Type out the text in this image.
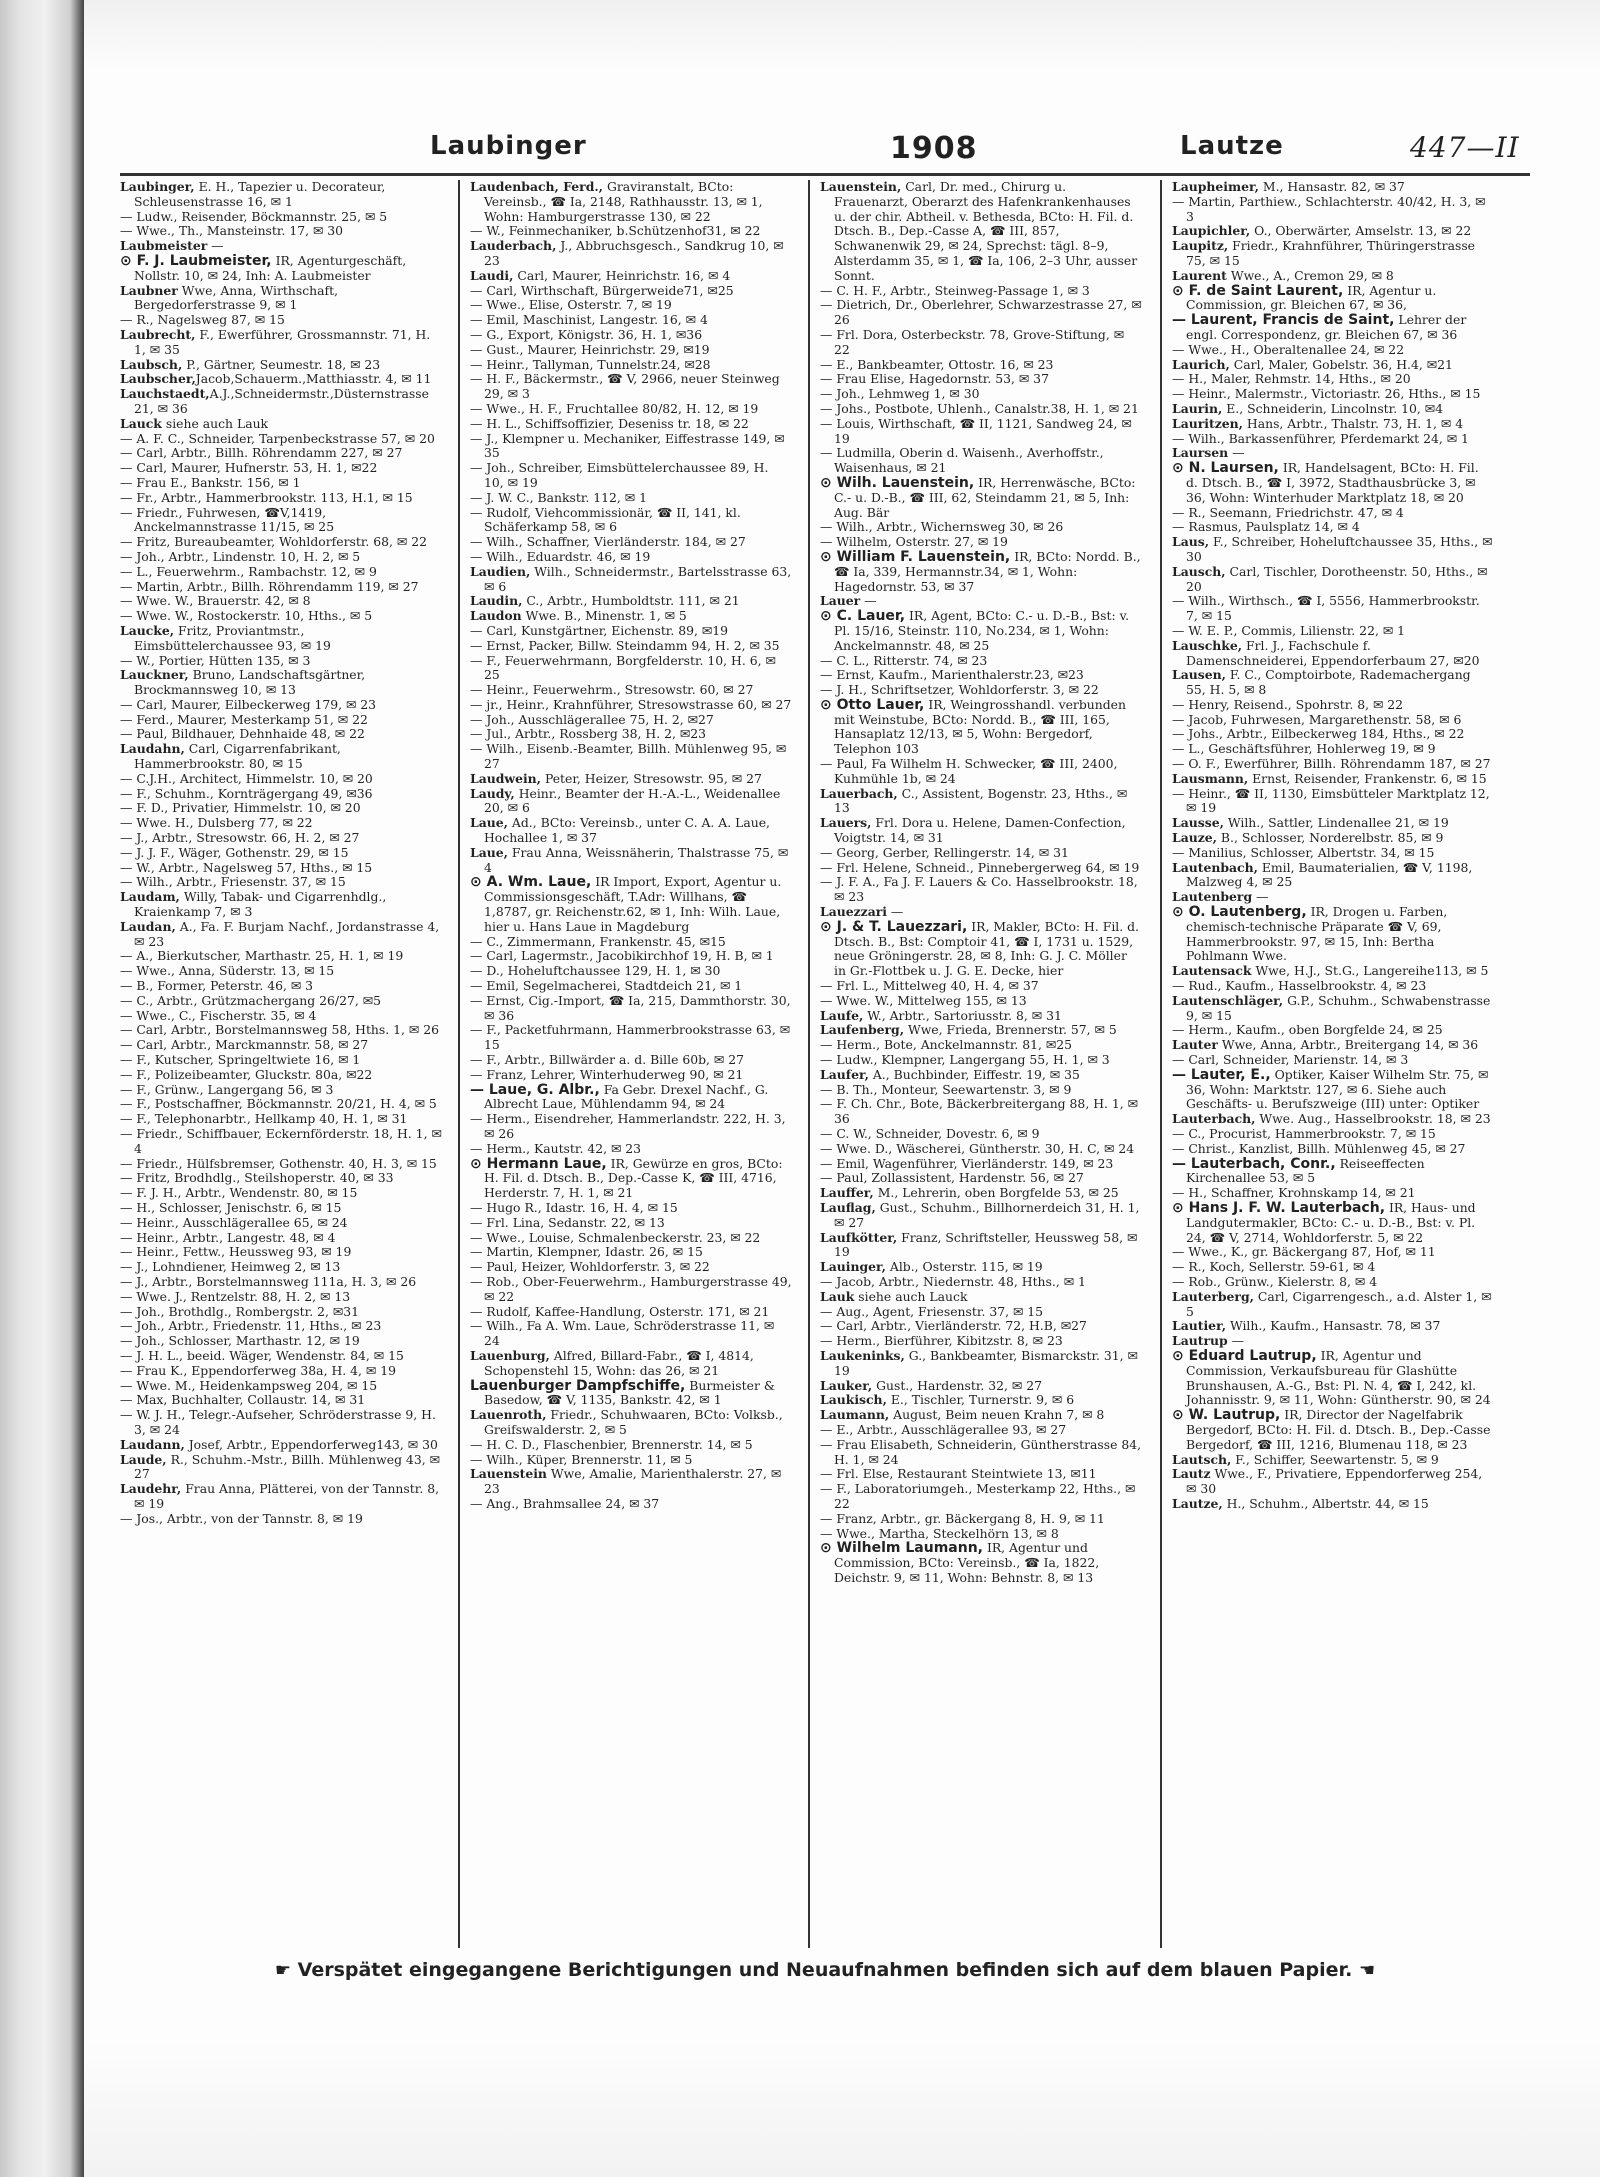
Laubinger	1908	Lautze	447—II

Laubinger, E. H., Tapezier u. Decorateur, Schleusenstrasse 16, ✉ 1

— Ludw., Reisender, Böckmannstr. 25, ✉ 5

— Wwe., Th., Mansteinstr. 17, ✉ 30

Laubmeister —

⊙ F. J. Laubmeister, IR, Agenturgeschäft, Nollstr. 10, ✉ 24, Inh: A. Laubmeister

Laubner Wwe, Anna, Wirthschaft, Bergedorferstrasse 9, ✉ 1

— R., Nagelsweg 87, ✉ 15

Laubrecht, F., Ewerführer, Grossmannstr. 71, H. 1, ✉ 35

Laubsch, P., Gärtner, Seumestr. 18, ✉ 23

Laubscher,Jacob,Schauerm.,Matthiasstr. 4, ✉ 11

Lauchstaedt,A.J.,Schneidermstr.,Düsternstrasse 21, ✉ 36

Lauck siehe auch Lauk

— A. F. C., Schneider, Tarpenbeckstrasse 57, ✉ 20

— Carl, Arbtr., Billh. Röhrendamm 227, ✉ 27

— Carl, Maurer, Hufnerstr. 53, H. 1, ✉22

— Frau E., Bankstr. 156, ✉ 1

— Fr., Arbtr., Hammerbrookstr. 113, H.1, ✉ 15

— Friedr., Fuhrwesen, ☎V,1419, Anckelmannstrasse 11/15, ✉ 25

— Fritz, Bureaubeamter, Wohldorferstr. 68, ✉ 22

— Joh., Arbtr., Lindenstr. 10, H. 2, ✉ 5

— L., Feuerwehrm., Rambachstr. 12, ✉ 9

— Martin, Arbtr., Billh. Röhrendamm 119, ✉ 27

— Wwe. W., Brauerstr. 42, ✉ 8

— Wwe. W., Rostockerstr. 10, Hths., ✉ 5

Laucke, Fritz, Proviantmstr., Eimsbüttelerchaussee 93, ✉ 19

— W., Portier, Hütten 135, ✉ 3

Lauckner, Bruno, Landschaftsgärtner, Brockmannsweg 10, ✉ 13

— Carl, Maurer, Eilbeckerweg 179, ✉ 23

— Ferd., Maurer, Mesterkamp 51, ✉ 22

— Paul, Bildhauer, Dehnhaide 48, ✉ 22

Laudahn, Carl, Cigarrenfabrikant, Hammerbrookstr. 80, ✉ 15

— C.J.H., Architect, Himmelstr. 10, ✉ 20

— F., Schuhm., Kornträgergang 49, ✉36

— F. D., Privatier, Himmelstr. 10, ✉ 20

— Wwe. H., Dulsberg 77, ✉ 22

— J., Arbtr., Stresowstr. 66, H. 2, ✉ 27

— J. J. F., Wäger, Gothenstr. 29, ✉ 15

— W., Arbtr., Nagelsweg 57, Hths., ✉ 15

— Wilh., Arbtr., Friesenstr. 37, ✉ 15

Laudam, Willy, Tabak- und Cigarrenhdlg., Kraienkamp 7, ✉ 3

Laudan, A., Fa. F. Burjam Nachf., Jordanstrasse 4, ✉ 23

— A., Bierkutscher, Marthastr. 25, H. 1, ✉ 19

— Wwe., Anna, Süderstr. 13, ✉ 15

— B., Former, Peterstr. 46, ✉ 3

— C., Arbtr., Grützmachergang 26/27, ✉5

— Wwe., C., Fischerstr. 35, ✉ 4

— Carl, Arbtr., Borstelmannsweg 58, Hths. 1, ✉ 26

— Carl, Arbtr., Marckmannstr. 58, ✉ 27

— F., Kutscher, Springeltwiete 16, ✉ 1

— F., Polizeibeamter, Gluckstr. 80a, ✉22

— F., Grünw., Langergang 56, ✉ 3

— F., Postschaffner, Böckmannstr. 20/21, H. 4, ✉ 5

— F., Telephonarbtr., Hellkamp 40, H. 1, ✉ 31

— Friedr., Schiffbauer, Eckernförderstr. 18, H. 1, ✉ 4

— Friedr., Hülfsbremser, Gothenstr. 40, H. 3, ✉ 15

— Fritz, Brodhdlg., Steilshoperstr. 40, ✉ 33

— F. J. H., Arbtr., Wendenstr. 80, ✉ 15

— H., Schlosser, Jenischstr. 6, ✉ 15

— Heinr., Ausschlägerallee 65, ✉ 24

— Heinr., Arbtr., Langestr. 48, ✉ 4

— Heinr., Fettw., Heussweg 93, ✉ 19

— J., Lohndiener, Heimweg 2, ✉ 13

— J., Arbtr., Borstelmannsweg 111a, H. 3, ✉ 26

— Wwe. J., Rentzelstr. 88, H. 2, ✉ 13

— Joh., Brothdlg., Rombergstr. 2, ✉31

— Joh., Arbtr., Friedenstr. 11, Hths., ✉ 23

— Joh., Schlosser, Marthastr. 12, ✉ 19

— J. H. L., beeid. Wäger, Wendenstr. 84, ✉ 15

— Frau K., Eppendorferweg 38a, H. 4, ✉ 19

— Wwe. M., Heidenkampsweg 204, ✉ 15

— Max, Buchhalter, Collaustr. 14, ✉ 31

— W. J. H., Telegr.-Aufseher, Schröderstrasse 9, H. 3, ✉ 24

Laudann, Josef, Arbtr., Eppendorferweg143, ✉ 30

Laude, R., Schuhm.-Mstr., Billh. Mühlenweg 43, ✉ 27

Laudehr, Frau Anna, Plätterei, von der Tannstr. 8, ✉ 19

— Jos., Arbtr., von der Tannstr. 8, ✉ 19

Laudenbach, Ferd., Graviranstalt, BCto: Vereinsb., ☎ Ia, 2148, Rathhausstr. 13, ✉ 1, Wohn: Hamburgerstrasse 130, ✉ 22

— W., Feinmechaniker, b.Schützenhof31, ✉ 22

Lauderbach, J., Abbruchsgesch., Sandkrug 10, ✉ 23

Laudi, Carl, Maurer, Heinrichstr. 16, ✉ 4

— Carl, Wirthschaft, Bürgerweide71, ✉25

— Wwe., Elise, Osterstr. 7, ✉ 19

— Emil, Maschinist, Langestr. 16, ✉ 4

— G., Export, Königstr. 36, H. 1, ✉36

— Gust., Maurer, Heinrichstr. 29, ✉19

— Heinr., Tallyman, Tunnelstr.24, ✉28

— H. F., Bäckermstr., ☎ V, 2966, neuer Steinweg 29, ✉ 3

— Wwe., H. F., Fruchtallee 80/82, H. 12, ✉ 19

— H. L., Schiffsoffizier, Deseniss tr. 18, ✉ 22

— J., Klempner u. Mechaniker, Eiffestrasse 149, ✉ 35

— Joh., Schreiber, Eimsbüttelerchaussee 89, H. 10, ✉ 19

— J. W. C., Bankstr. 112, ✉ 1

— Rudolf, Viehcommissionär, ☎ II, 141, kl. Schäferkamp 58, ✉ 6

— Wilh., Schaffner, Vierländerstr. 184, ✉ 27

— Wilh., Eduardstr. 46, ✉ 19

Laudien, Wilh., Schneidermstr., Bartelsstrasse 63, ✉ 6

Laudin, C., Arbtr., Humboldtstr. 111, ✉ 21

Laudon Wwe. B., Minenstr. 1, ✉ 5

— Carl, Kunstgärtner, Eichenstr. 89, ✉19

— Ernst, Packer, Billw. Steindamm 94, H. 2, ✉ 35

— F., Feuerwehrmann, Borgfelderstr. 10, H. 6, ✉ 25

— Heinr., Feuerwehrm., Stresowstr. 60, ✉ 27

— jr., Heinr., Krahnführer, Stresowstrasse 60, ✉ 27

— Joh., Ausschlägerallee 75, H. 2, ✉27

— Jul., Arbtr., Rossberg 38, H. 2, ✉23

— Wilh., Eisenb.-Beamter, Billh. Mühlenweg 95, ✉ 27

Laudwein, Peter, Heizer, Stresowstr. 95, ✉ 27

Laudy, Heinr., Beamter der H.-A.-L., Weidenallee 20, ✉ 6

Laue, Ad., BCto: Vereinsb., unter C. A. A. Laue, Hochallee 1, ✉ 37

Laue, Frau Anna, Weissnäherin, Thalstrasse 75, ✉ 4

⊙ A. Wm. Laue, IR Import, Export, Agentur u. Commissionsgeschäft, T.Adr: Willhans, ☎ 1,8787, gr. Reichenstr.62, ✉ 1, Inh: Wilh. Laue, hier u. Hans Laue in Magdeburg

— C., Zimmermann, Frankenstr. 45, ✉15

— Carl, Lagermstr., Jacobikirchhof 19, H. B, ✉ 1

— D., Hoheluftchaussee 129, H. 1, ✉ 30

— Emil, Segelmacherei, Stadtdeich 21, ✉ 1

— Ernst, Cig.-Import, ☎ Ia, 215, Dammthorstr. 30, ✉ 36

— F., Packetfuhrmann, Hammerbrookstrasse 63, ✉ 15

— F., Arbtr., Billwärder a. d. Bille 60b, ✉ 27

— Franz, Lehrer, Winterhuderweg 90, ✉ 21

— Laue, G. Albr., Fa Gebr. Drexel Nachf., G. Albrecht Laue, Mühlendamm 94, ✉ 24

— Herm., Eisendreher, Hammerlandstr. 222, H. 3, ✉ 26

— Herm., Kautstr. 42, ✉ 23

⊙ Hermann Laue, IR, Gewürze en gros, BCto: H. Fil. d. Dtsch. B., Dep.-Casse K, ☎ III, 4716, Herderstr. 7, H. 1, ✉ 21

— Hugo R., Idastr. 16, H. 4, ✉ 15

— Frl. Lina, Sedanstr. 22, ✉ 13

— Wwe., Louise, Schmalenbeckerstr. 23, ✉ 22

— Martin, Klempner, Idastr. 26, ✉ 15

— Paul, Heizer, Wohldorferstr. 3, ✉ 22

— Rob., Ober-Feuerwehrm., Hamburgerstrasse 49, ✉ 22

— Rudolf, Kaffee-Handlung, Osterstr. 171, ✉ 21

— Wilh., Fa A. Wm. Laue, Schröderstrasse 11, ✉ 24

Lauenburg, Alfred, Billard-Fabr., ☎ I, 4814, Schopenstehl 15, Wohn: das 26, ✉ 21

Lauenburger Dampfschiffe, Burmeister & Basedow, ☎ V, 1135, Bankstr. 42, ✉ 1

Lauenroth, Friedr., Schuhwaaren, BCto: Volksb., Greifswalderstr. 2, ✉ 5

— H. C. D., Flaschenbier, Brennerstr. 14, ✉ 5

— Wilh., Küper, Brennerstr. 11, ✉ 5

Lauenstein Wwe, Amalie, Marienthalerstr. 27, ✉ 23

— Ang., Brahmsallee 24, ✉ 37

Lauenstein, Carl, Dr. med., Chirurg u. Frauenarzt, Oberarzt des Hafenkrankenhauses u. der chir. Abtheil. v. Bethesda, BCto: H. Fil. d. Dtsch. B., Dep.-Casse A, ☎ III, 857, Schwanenwik 29, ✉ 24, Sprechst: tägl. 8–9, Alsterdamm 35, ✉ 1, ☎ Ia, 106, 2–3 Uhr, ausser Sonnt.

— C. H. F., Arbtr., Steinweg-Passage 1, ✉ 3

— Dietrich, Dr., Oberlehrer, Schwarzestrasse 27, ✉ 26

— Frl. Dora, Osterbeckstr. 78, Grove-Stiftung, ✉ 22

— E., Bankbeamter, Ottostr. 16, ✉ 23

— Frau Elise, Hagedornstr. 53, ✉ 37

— Joh., Lehmweg 1, ✉ 30

— Johs., Postbote, Uhlenh., Canalstr.38, H. 1, ✉ 21

— Louis, Wirthschaft, ☎ II, 1121, Sandweg 24, ✉ 19

— Ludmilla, Oberin d. Waisenh., Averhoffstr., Waisenhaus, ✉ 21

⊙ Wilh. Lauenstein, IR, Herrenwäsche, BCto: C.- u. D.-B., ☎ III, 62, Steindamm 21, ✉ 5, Inh: Aug. Bär

— Wilh., Arbtr., Wichernsweg 30, ✉ 26

— Wilhelm, Osterstr. 27, ✉ 19

⊙ William F. Lauenstein, IR, BCto: Nordd. B., ☎ Ia, 339, Hermannstr.34, ✉ 1, Wohn: Hagedornstr. 53, ✉ 37

Lauer —

⊙ C. Lauer, IR, Agent, BCto: C.- u. D.-B., Bst: v. Pl. 15/16, Steinstr. 110, No.234, ✉ 1, Wohn: Anckelmannstr. 48, ✉ 25

— C. L., Ritterstr. 74, ✉ 23

— Ernst, Kaufm., Marienthalerstr.23, ✉23

— J. H., Schriftsetzer, Wohldorferstr. 3, ✉ 22

⊙ Otto Lauer, IR, Weingrosshandl. verbunden mit Weinstube, BCto: Nordd. B., ☎ III, 165, Hansaplatz 12/13, ✉ 5, Wohn: Bergedorf, Telephon 103

— Paul, Fa Wilhelm H. Schwecker, ☎ III, 2400, Kuhmühle 1b, ✉ 24

Lauerbach, C., Assistent, Bogenstr. 23, Hths., ✉ 13

Lauers, Frl. Dora u. Helene, Damen-Confection, Voigtstr. 14, ✉ 31

— Georg, Gerber, Rellingerstr. 14, ✉ 31

— Frl. Helene, Schneid., Pinnebergerweg 64, ✉ 19

— J. F. A., Fa J. F. Lauers & Co. Hasselbrookstr. 18, ✉ 23

Lauezzari —

⊙ J. & T. Lauezzari, IR, Makler, BCto: H. Fil. d. Dtsch. B., Bst: Comptoir 41, ☎ I, 1731 u. 1529, neue Gröningerstr. 28, ✉ 8, Inh: G. J. C. Möller in Gr.-Flottbek u. J. G. E. Decke, hier

— Frl. L., Mittelweg 40, H. 4, ✉ 37

— Wwe. W., Mittelweg 155, ✉ 13

Laufe, W., Arbtr., Sartoriusstr. 8, ✉ 31

Laufenberg, Wwe, Frieda, Brennerstr. 57, ✉ 5

— Herm., Bote, Anckelmannstr. 81, ✉25

— Ludw., Klempner, Langergang 55, H. 1, ✉ 3

Laufer, A., Buchbinder, Eiffestr. 19, ✉ 35

— B. Th., Monteur, Seewartenstr. 3, ✉ 9

— F. Ch. Chr., Bote, Bäckerbreitergang 88, H. 1, ✉ 36

— C. W., Schneider, Dovestr. 6, ✉ 9

— Wwe. D., Wäscherei, Güntherstr. 30, H. C, ✉ 24

— Emil, Wagenführer, Vierländerstr. 149, ✉ 23

— Paul, Zollassistent, Hardenstr. 56, ✉ 27

Lauffer, M., Lehrerin, oben Borgfelde 53, ✉ 25

Lauflag, Gust., Schuhm., Billhornerdeich 31, H. 1, ✉ 27

Laufkötter, Franz, Schriftsteller, Heussweg 58, ✉ 19

Lauinger, Alb., Osterstr. 115, ✉ 19

— Jacob, Arbtr., Niedernstr. 48, Hths., ✉ 1

Lauk siehe auch Lauck

— Aug., Agent, Friesenstr. 37, ✉ 15

— Carl, Arbtr., Vierländerstr. 72, H.B, ✉27

— Herm., Bierführer, Kibitzstr. 8, ✉ 23

Laukeninks, G., Bankbeamter, Bismarckstr. 31, ✉ 19

Lauker, Gust., Hardenstr. 32, ✉ 27

Laukisch, E., Tischler, Turnerstr. 9, ✉ 6

Laumann, August, Beim neuen Krahn 7, ✉ 8

— E., Arbtr., Ausschlägerallee 93, ✉ 27

— Frau Elisabeth, Schneiderin, Güntherstrasse 84, H. 1, ✉ 24

— Frl. Else, Restaurant Steintwiete 13, ✉11

— F., Laboratoriumgeh., Mesterkamp 22, Hths., ✉ 22

— Franz, Arbtr., gr. Bäckergang 8, H. 9, ✉ 11

— Wwe., Martha, Steckelhörn 13, ✉ 8

⊙ Wilhelm Laumann, IR, Agentur und Commission, BCto: Vereinsb., ☎ Ia, 1822, Deichstr. 9, ✉ 11, Wohn: Behnstr. 8, ✉ 13

Laupheimer, M., Hansastr. 82, ✉ 37

— Martin, Parthiew., Schlachterstr. 40/42, H. 3, ✉ 3

Laupichler, O., Oberwärter, Amselstr. 13, ✉ 22

Laupitz, Friedr., Krahnführer, Thüringerstrasse 75, ✉ 15

Laurent Wwe., A., Cremon 29, ✉ 8

⊙ F. de Saint Laurent, IR, Agentur u. Commission, gr. Bleichen 67, ✉ 36,

— Laurent, Francis de Saint, Lehrer der engl. Correspondenz, gr. Bleichen 67, ✉ 36

— Wwe., H., Oberaltenallee 24, ✉ 22

Laurich, Carl, Maler, Gobelstr. 36, H.4, ✉21

— H., Maler, Rehmstr. 14, Hths., ✉ 20

— Heinr., Malermstr., Victoriastr. 26, Hths., ✉ 15

Laurin, E., Schneiderin, Lincolnstr. 10, ✉4

Lauritzen, Hans, Arbtr., Thalstr. 73, H. 1, ✉ 4

— Wilh., Barkassenführer, Pferdemarkt 24, ✉ 1

Laursen —

⊙ N. Laursen, IR, Handelsagent, BCto: H. Fil. d. Dtsch. B., ☎ I, 3972, Stadthausbrücke 3, ✉ 36, Wohn: Winterhuder Marktplatz 18, ✉ 20

— R., Seemann, Friedrichstr. 47, ✉ 4

— Rasmus, Paulsplatz 14, ✉ 4

Laus, F., Schreiber, Hoheluftchaussee 35, Hths., ✉ 30

Lausch, Carl, Tischler, Dorotheenstr. 50, Hths., ✉ 20

— Wilh., Wirthsch., ☎ I, 5556, Hammerbrookstr. 7, ✉ 15

— W. E. P., Commis, Lilienstr. 22, ✉ 1

Lauschke, Frl. J., Fachschule f. Damenschneiderei, Eppendorferbaum 27, ✉20

Lausen, F. C., Comptoirbote, Rademachergang 55, H. 5, ✉ 8

— Henry, Reisend., Spohrstr. 8, ✉ 22

— Jacob, Fuhrwesen, Margarethenstr. 58, ✉ 6

— Johs., Arbtr., Eilbeckerweg 184, Hths., ✉ 22

— L., Geschäftsführer, Hohlerweg 19, ✉ 9

— O. F., Ewerführer, Billh. Röhrendamm 187, ✉ 27

Lausmann, Ernst, Reisender, Frankenstr. 6, ✉ 15

— Heinr., ☎ II, 1130, Eimsbütteler Marktplatz 12, ✉ 19

Lausse, Wilh., Sattler, Lindenallee 21, ✉ 19

Lauze, B., Schlosser, Norderelbstr. 85, ✉ 9

— Manilius, Schlosser, Albertstr. 34, ✉ 15

Lautenbach, Emil, Baumaterialien, ☎ V, 1198, Malzweg 4, ✉ 25

Lautenberg —

⊙ O. Lautenberg, IR, Drogen u. Farben, chemisch-technische Präparate ☎ V, 69, Hammerbrookstr. 97, ✉ 15, Inh: Bertha Pohlmann Wwe.

Lautensack Wwe, H.J., St.G., Langereihe113, ✉ 5

— Rud., Kaufm., Hasselbrookstr. 4, ✉ 23

Lautenschläger, G.P., Schuhm., Schwabenstrasse 9, ✉ 15

— Herm., Kaufm., oben Borgfelde 24, ✉ 25

Lauter Wwe, Anna, Arbtr., Breitergang 14, ✉ 36

— Carl, Schneider, Marienstr. 14, ✉ 3

— Lauter, E., Optiker, Kaiser Wilhelm Str. 75, ✉ 36, Wohn: Marktstr. 127, ✉ 6. Siehe auch Geschäfts- u. Berufszweige (III) unter: Optiker

Lauterbach, Wwe. Aug., Hasselbrookstr. 18, ✉ 23

— C., Procurist, Hammerbrookstr. 7, ✉ 15

— Christ., Kanzlist, Billh. Mühlenweg 45, ✉ 27

— Lauterbach, Conr., Reiseeffecten Kirchenallee 53, ✉ 5

— H., Schaffner, Krohnskamp 14, ✉ 21

⊙ Hans J. F. W. Lauterbach, IR, Haus- und Landgutermakler, BCto: C.- u. D.-B., Bst: v. Pl. 24, ☎ V, 2714, Wohldorferstr. 5, ✉ 22

— Wwe., K., gr. Bäckergang 87, Hof, ✉ 11

— R., Koch, Sellerstr. 59-61, ✉ 4

— Rob., Grünw., Kielerstr. 8, ✉ 4

Lauterberg, Carl, Cigarrengesch., a.d. Alster 1, ✉ 5

Lautier, Wilh., Kaufm., Hansastr. 78, ✉ 37

Lautrup —

⊙ Eduard Lautrup, IR, Agentur und Commission, Verkaufsbureau für Glashütte Brunshausen, A.-G., Bst: Pl. N. 4, ☎ I, 242, kl. Johannisstr. 9, ✉ 11, Wohn: Güntherstr. 90, ✉ 24

⊙ W. Lautrup, IR, Director der Nagelfabrik Bergedorf, BCto: H. Fil. d. Dtsch. B., Dep.-Casse Bergedorf, ☎ III, 1216, Blumenau 118, ✉ 23

Lautsch, F., Schiffer, Seewartenstr. 5, ✉ 9

Lautz Wwe., F., Privatiere, Eppendorferweg 254, ✉ 30

Lautze, H., Schuhm., Albertstr. 44, ✉ 15

☛ Verspätet eingegangene Berichtigungen und Neuaufnahmen befinden sich auf dem blauen Papier. ☚
